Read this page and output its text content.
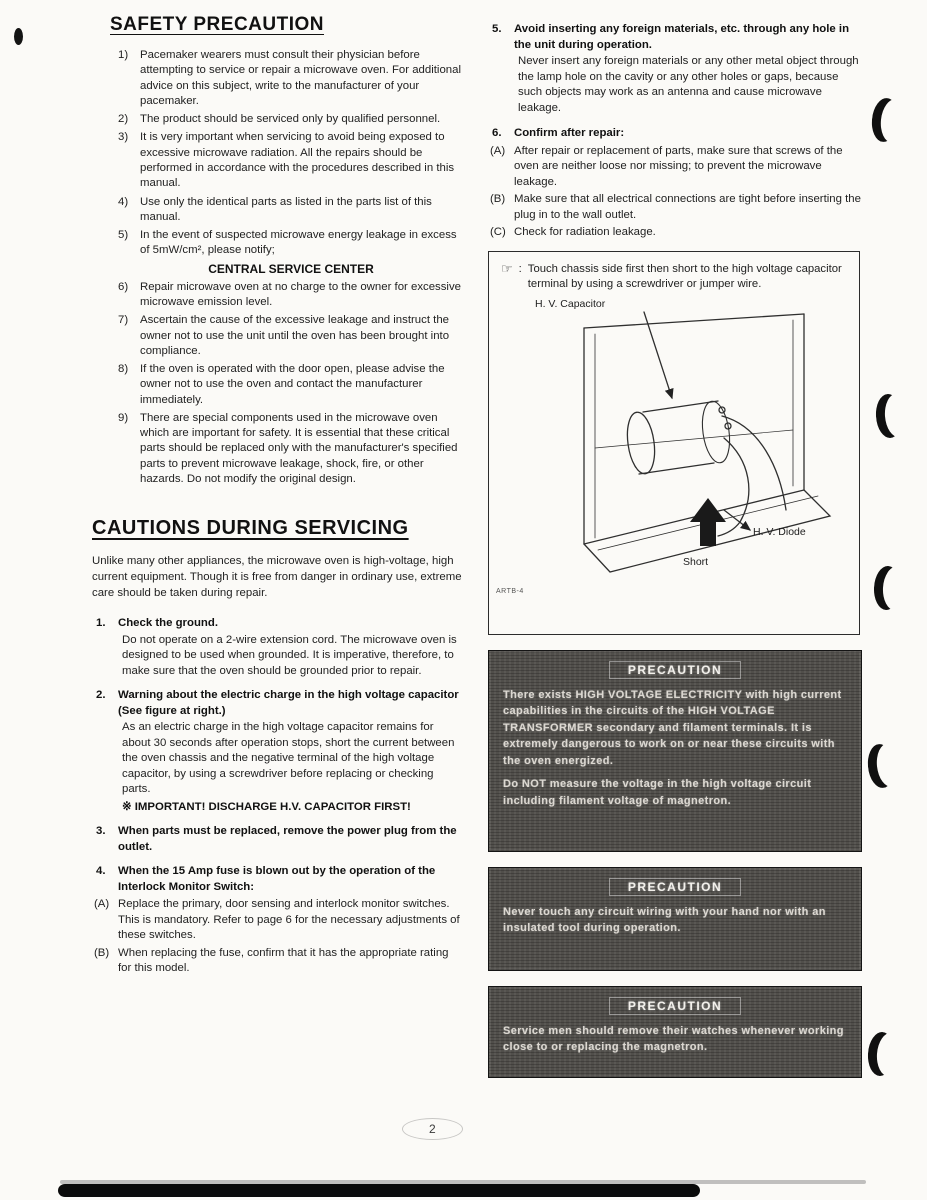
SAFETY PRECAUTION
1)	Pacemaker wearers must consult their physician before attempting to service or repair a microwave oven. For additional advice on this subject, write to the manufacturer of your pacemaker.
2)	The product should be serviced only by qualified personnel.
3)	It is very important when servicing to avoid being exposed to excessive microwave radiation. All the repairs should be performed in accordance with the procedures described in this manual.
4)	Use only the identical parts as listed in the parts list of this manual.
5)	In the event of suspected microwave energy leakage in excess of 5mW/cm², please notify;
CENTRAL SERVICE CENTER
6)	Repair microwave oven at no charge to the owner for excessive microwave emission level.
7)	Ascertain the cause of the excessive leakage and instruct the owner not to use the unit until the oven has been brought into compliance.
8)	If the oven is operated with the door open, please advise the owner not to use the oven and contact the manufacturer immediately.
9)	There are special components used in the microwave oven which are important for safety. It is essential that these critical parts should be replaced only with the manufacturer's specified parts to prevent microwave leakage, shock, fire, or other hazards. Do not modify the original design.
CAUTIONS DURING SERVICING

Unlike many other appliances, the microwave oven is high-voltage, high current equipment. Though it is free from danger in ordinary use, extreme care should be taken during repair.

1.	Check the ground.
Do not operate on a 2-wire extension cord. The microwave oven is designed to be used when grounded. It is imperative, therefore, to make sure that the oven should be grounded prior to repair.
2.	Warning about the electric charge in the high voltage capacitor (See figure at right.)
As an electric charge in the high voltage capacitor remains for about 30 seconds after operation stops, short the current between the oven chassis and the negative terminal of the high voltage capacitor, by using a screwdriver before replacing or checking parts.
※ IMPORTANT! DISCHARGE H.V. CAPACITOR FIRST!
3.	When parts must be replaced, remove the power plug from the outlet.
4.	When the 15 Amp fuse is blown out by the operation of the Interlock Monitor Switch:
(A) Replace the primary, door sensing and interlock monitor switches. This is mandatory. Refer to page 6 for the necessary adjustments of these switches.
(B) When replacing the fuse, confirm that it has the appropriate rating for this model.
5.	Avoid inserting any foreign materials, etc. through any hole in the unit during operation.
Never insert any foreign materials or any other metal object through the lamp hole on the cavity or any other holes or gaps, because such objects may work as an antenna and cause microwave leakage.
6.	Confirm after repair:
(A) After repair or replacement of parts, make sure that screws of the oven are neither loose nor missing; to prevent the microwave leakage.
(B) Make sure that all electrical connections are tight before inserting the plug in to the wall outlet.
(C) Check for radiation leakage.
☞ : Touch chassis side first then short to the high voltage capacitor terminal by using a screwdriver or jumper wire.
H. V. Capacitor
H. V. Diode
Short
ARTB-4
PRECAUTION
There exists HIGH VOLTAGE ELECTRICITY with high current capabilities in the circuits of the HIGH VOLTAGE TRANSFORMER secondary and filament terminals. It is extremely dangerous to work on or near these circuits with the oven energized.
Do NOT measure the voltage in the high voltage circuit including filament voltage of magnetron.
PRECAUTION
Never touch any circuit wiring with your hand nor with an insulated tool during operation.
PRECAUTION
Service men should remove their watches whenever working close to or replacing the magnetron.
2
